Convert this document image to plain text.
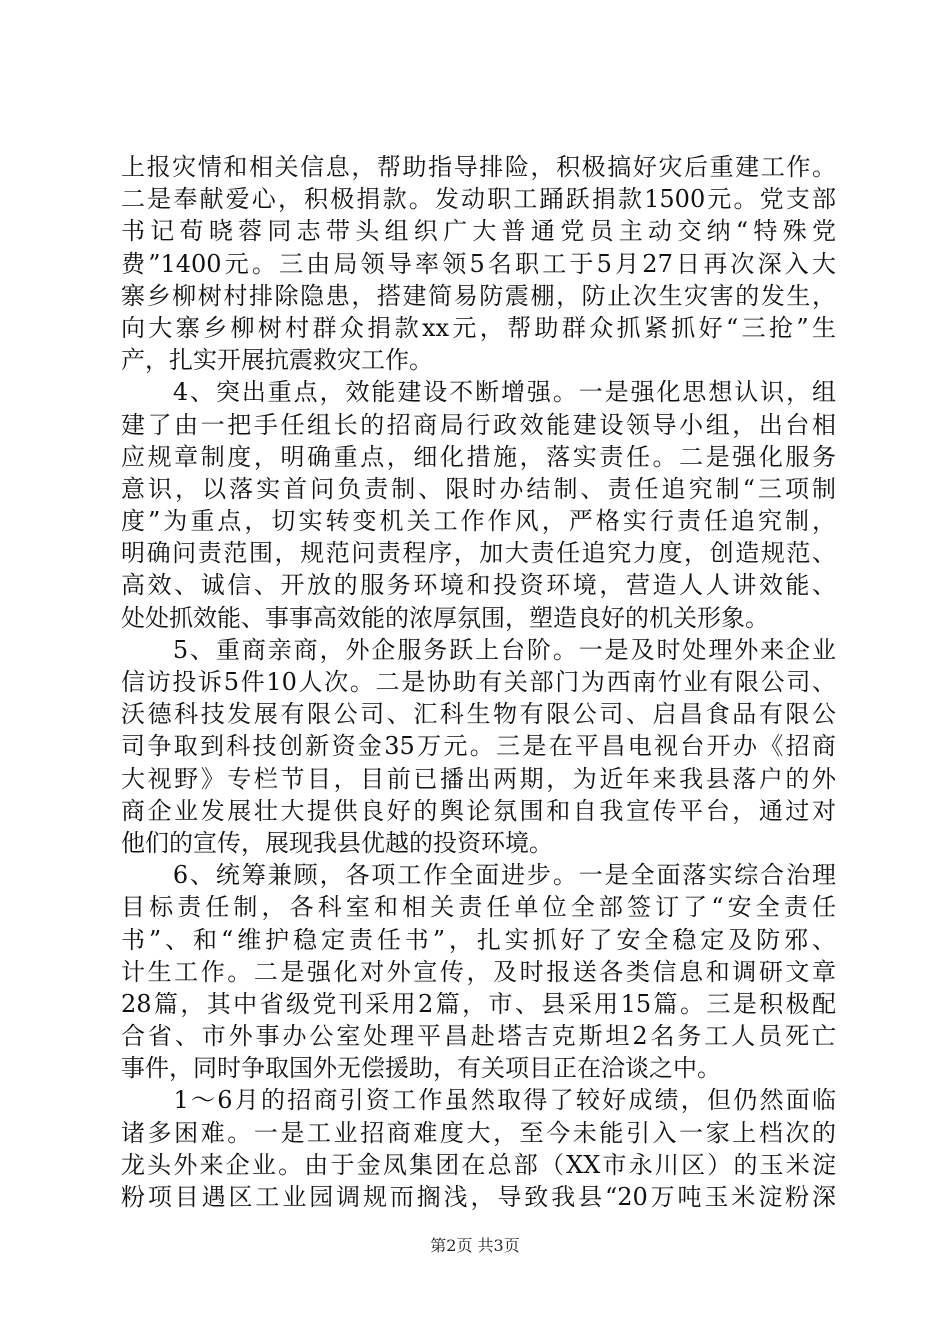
上报灾情和相关信息，帮助指导排险，积极搞好灾后重建工作。
二是奉献爱心，积极捐款。发动职工踊跃捐款1500元。党支部
书记荀晓蓉同志带头组织广大普通党员主动交纳“特殊党
费”1400元。三由局领导率领5名职工于5月27日再次深入大
寨乡柳树村排除隐患，搭建简易防震棚，防止次生灾害的发生，
向大寨乡柳树村群众捐款xx元，帮助群众抓紧抓好“三抢”生
产，扎实开展抗震救灾工作。
　　4、突出重点，效能建设不断增强。一是强化思想认识，组
建了由一把手任组长的招商局行政效能建设领导小组，出台相
应规章制度，明确重点，细化措施，落实责任。二是强化服务
意识，以落实首问负责制、限时办结制、责任追究制“三项制
度”为重点，切实转变机关工作作风，严格实行责任追究制，
明确问责范围，规范问责程序，加大责任追究力度，创造规范、
高效、诚信、开放的服务环境和投资环境，营造人人讲效能、
处处抓效能、事事高效能的浓厚氛围，塑造良好的机关形象。
　　5、重商亲商，外企服务跃上台阶。一是及时处理外来企业
信访投诉5件10人次。二是协助有关部门为西南竹业有限公司、
沃德科技发展有限公司、汇科生物有限公司、启昌食品有限公
司争取到科技创新资金35万元。三是在平昌电视台开办《招商
大视野》专栏节目，目前已播出两期，为近年来我县落户的外
商企业发展壮大提供良好的舆论氛围和自我宣传平台，通过对
他们的宣传，展现我县优越的投资环境。
　　6、统筹兼顾，各项工作全面进步。一是全面落实综合治理
目标责任制，各科室和相关责任单位全部签订了“安全责任
书”、和“维护稳定责任书”，扎实抓好了安全稳定及防邪、
计生工作。二是强化对外宣传，及时报送各类信息和调研文章
28篇，其中省级党刊采用2篇，市、县采用15篇。三是积极配
合省、市外事办公室处理平昌赴塔吉克斯坦2名务工人员死亡
事件，同时争取国外无偿援助，有关项目正在洽谈之中。
　　1～6月的招商引资工作虽然取得了较好成绩，但仍然面临
诸多困难。一是工业招商难度大，至今未能引入一家上档次的
龙头外来企业。由于金凤集团在总部（XX市永川区）的玉米淀
粉项目遇区工业园调规而搁浅，导致我县“20万吨玉米淀粉深
第2页 共3页
